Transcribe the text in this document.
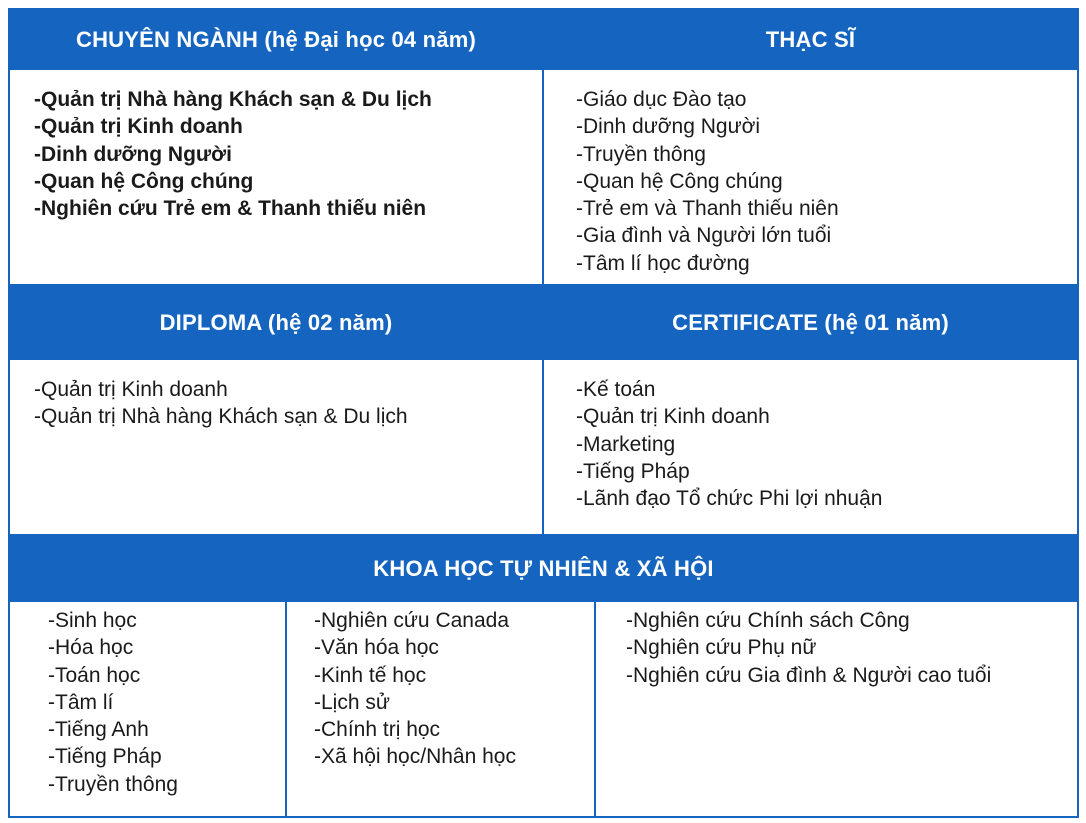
CHUYÊN NGÀNH (hệ Đại học 04 năm)	THẠC SĨ
-Quản trị Nhà hàng Khách sạn & Du lịch
-Quản trị Kinh doanh
-Dinh dưỡng Người
-Quan hệ Công chúng
-Nghiên cứu Trẻ em & Thanh thiếu niên
-Giáo dục Đào tạo
-Dinh dưỡng Người
-Truyền thông
-Quan hệ Công chúng
-Trẻ em và Thanh thiếu niên
-Gia đình và Người lớn tuổi
-Tâm lí học đường
DIPLOMA (hệ 02 năm)	CERTIFICATE (hệ 01 năm)
-Quản trị Kinh doanh
-Quản trị Nhà hàng Khách sạn & Du lịch
-Kế toán
-Quản trị Kinh doanh
-Marketing
-Tiếng Pháp
-Lãnh đạo Tổ chức Phi lợi nhuận
KHOA HỌC TỰ NHIÊN & XÃ HỘI
-Sinh học
-Hóa học
-Toán học
-Tâm lí
-Tiếng Anh
-Tiếng Pháp
-Truyền thông
-Nghiên cứu Canada
-Văn hóa học
-Kinh tế học
-Lịch sử
-Chính trị học
-Xã hội học/Nhân học
-Nghiên cứu Chính sách Công
-Nghiên cứu Phụ nữ
-Nghiên cứu Gia đình & Người cao tuổi
